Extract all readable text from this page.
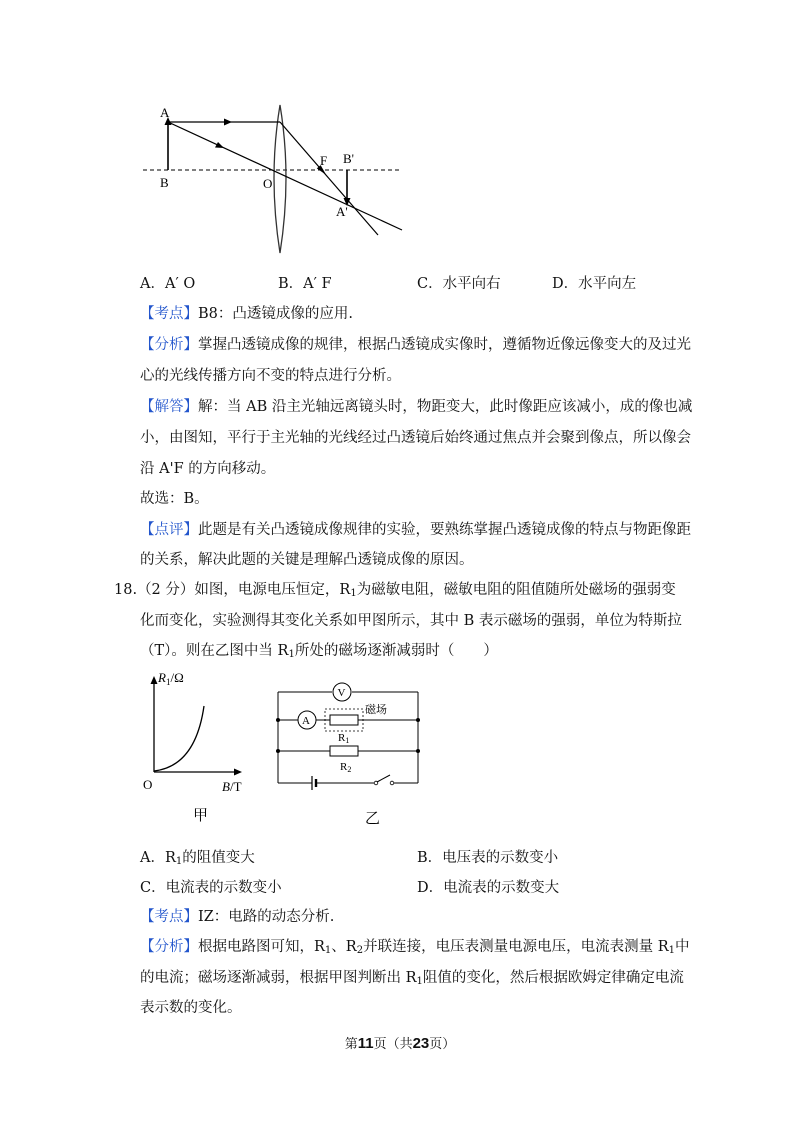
A
B	O
F B'
A'
A．A′ O	B．A′ F	C．水平向右	D．水平向左
【考点】B8：凸透镜成像的应用.
【分析】掌握凸透镜成像的规律，根据凸透镜成实像时，遵循物近像远像变大的及过光
心的光线传播方向不变的特点进行分析。
【解答】解：当 AB 沿主光轴远离镜头时，物距变大，此时像距应该减小，成的像也减
小，由图知，平行于主光轴的光线经过凸透镜后始终通过焦点并会聚到像点，所以像会
沿 A'F 的方向移动。
故选：B。
【点评】此题是有关凸透镜成像规律的实验，要熟练掌握凸透镜成像的特点与物距像距
的关系，解决此题的关键是理解凸透镜成像的原因。
18.（2 分）如图，电源电压恒定，$R_1$为磁敏电阻，磁敏电阻的阻值随所处磁场的强弱变
化而变化，实验测得其变化关系如甲图所示，其中 B 表示磁场的强弱，单位为特斯拉
（T）。则在乙图中当 $R_1$所处的磁场逐渐减弱时（　　）
$R_1/\Omega$
O	B/T
甲
V
A
磁场
R1
R2
乙
A．$R_1$的阻值变大	B．电压表的示数变小
C．电流表的示数变小	D．电流表的示数变大
【考点】IZ：电路的动态分析.
【分析】根据电路图可知，$R_1$、$R_2$并联连接，电压表测量电源电压，电流表测量 $R_1$中
的电流；磁场逐渐减弱，根据甲图判断出 $R_1$阻值的变化，然后根据欧姆定律确定电流
表示数的变化。
第11页（共23页）
